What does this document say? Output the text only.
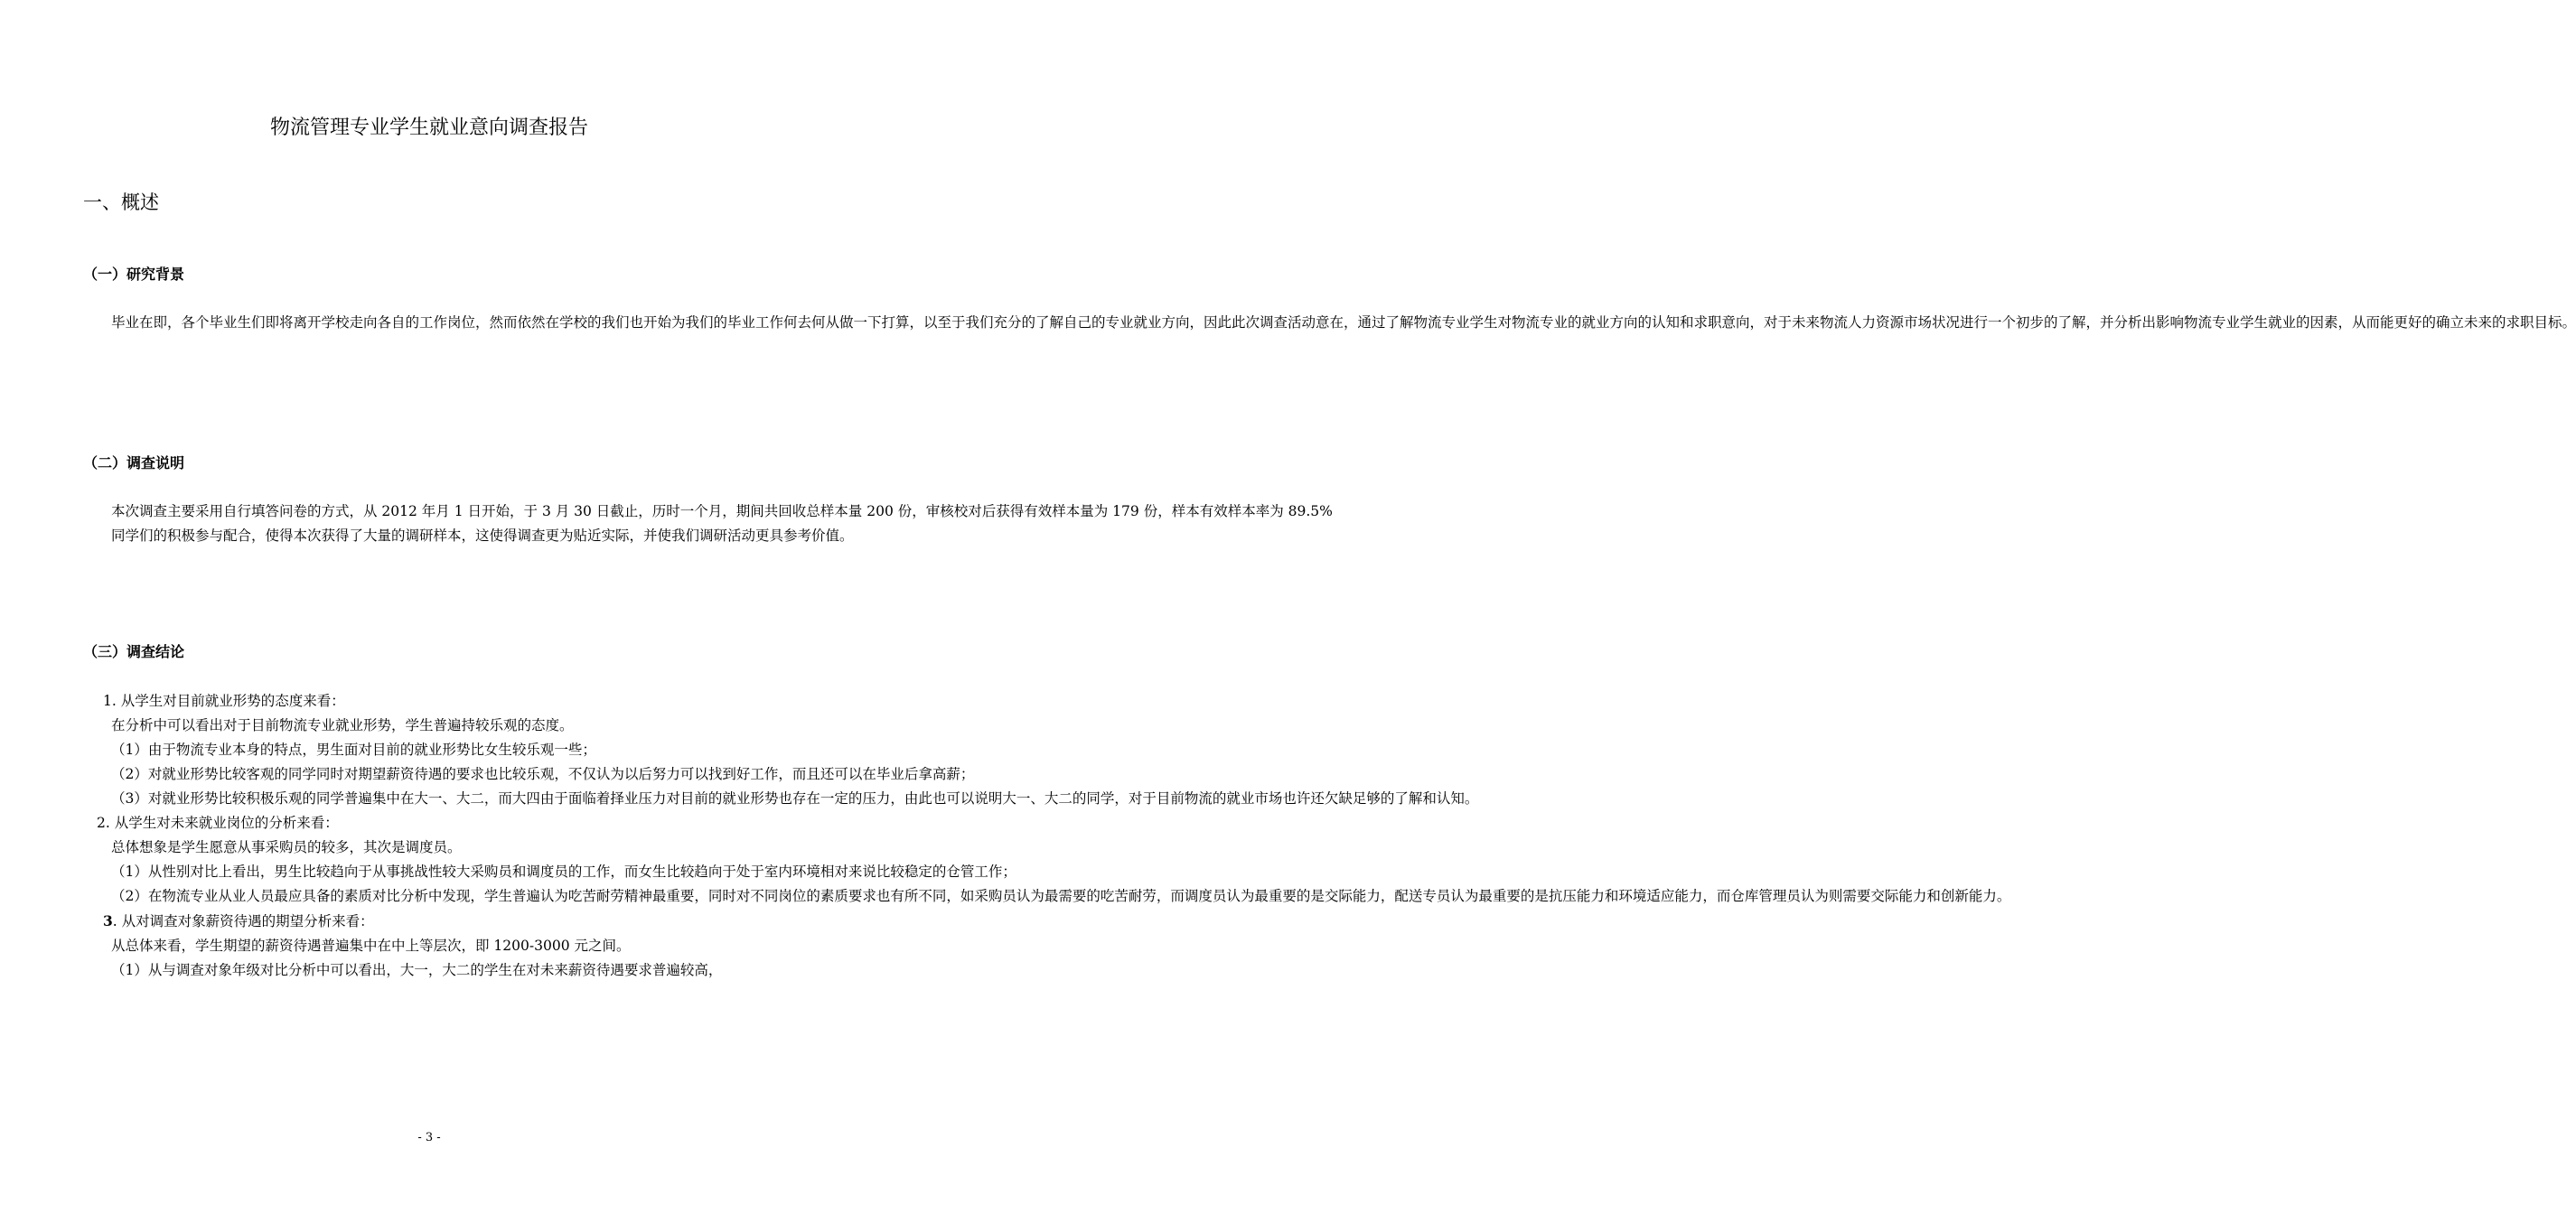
物流管理专业学生就业意向调查报告
一、概述
（一）研究背景

毕业在即，各个毕业生们即将离开学校走向各自的工作岗位，然而依然在学校的我们也开始为我们的毕业工作何去何从做一下打算，以至于我们充分的了解自己的专业就业方向，因此此次调查活动意在，通过了解物流专业学生对物流专业的就业方向的认知和求职意向，对于未来物流人力资源市场状况进行一个初步的了解，并分析出影响物流专业学生就业的因素，从而能更好的确立未来的求职目标。

（二）调查说明

本次调查主要采用自行填答问卷的方式，从 2012 年月 1 日开始，于 3 月 30 日截止，历时一个月，期间共回收总样本量 200 份，审核校对后获得有效样本量为 179 份，样本有效样本率为 89.5%

同学们的积极参与配合，使得本次获得了大量的调研样本，这使得调查更为贴近实际，并使我们调研活动更具参考价值。

（三）调查结论

1. 从学生对目前就业形势的态度来看：

在分析中可以看出对于目前物流专业就业形势，学生普遍持较乐观的态度。

（1）由于物流专业本身的特点，男生面对目前的就业形势比女生较乐观一些；

（2）对就业形势比较客观的同学同时对期望薪资待遇的要求也比较乐观，不仅认为以后努力可以找到好工作，而且还可以在毕业后拿高薪；

（3）对就业形势比较积极乐观的同学普遍集中在大一、大二，而大四由于面临着择业压力对目前的就业形势也存在一定的压力，由此也可以说明大一、大二的同学，对于目前物流的就业市场也许还欠缺足够的了解和认知。

2. 从学生对未来就业岗位的分析来看：

总体想象是学生愿意从事采购员的较多，其次是调度员。

（1）从性别对比上看出，男生比较趋向于从事挑战性较大采购员和调度员的工作，而女生比较趋向于处于室内环境相对来说比较稳定的仓管工作；

（2）在物流专业从业人员最应具备的素质对比分析中发现，学生普遍认为吃苦耐劳精神最重要，同时对不同岗位的素质要求也有所不同，如采购员认为最需要的吃苦耐劳，而调度员认为最重要的是交际能力，配送专员认为最重要的是抗压能力和环境适应能力，而仓库管理员认为则需要交际能力和创新能力。

3. 从对调查对象薪资待遇的期望分析来看：

从总体来看，学生期望的薪资待遇普遍集中在中上等层次，即 1200-3000 元之间。

（1）从与调查对象年级对比分析中可以看出，大一，大二的学生在对未来薪资待遇要求普遍较高，

- 3 -
